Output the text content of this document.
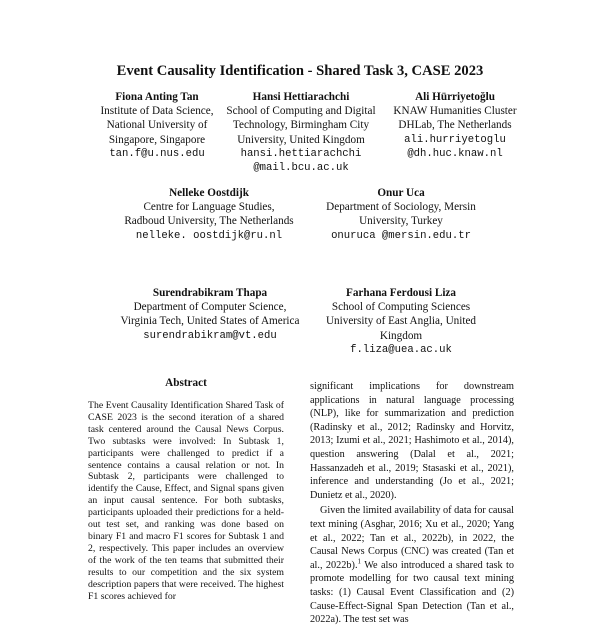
Event Causality Identification - Shared Task 3, CASE 2023
Fiona Anting Tan
Institute of Data Science, National University of Singapore, Singapore
tan.f@u.nus.edu
Hansi Hettiarachchi
School of Computing and Digital Technology, Birmingham City University, United Kingdom
hansi.hettiarachchi @mail.bcu.ac.uk
Ali Hürriyetoğlu
KNAW Humanities Cluster DHLab, The Netherlands
ali.hurriyetoglu @dh.huc.knaw.nl
Nelleke Oostdijk
Centre for Language Studies, Radboud University, The Netherlands
nelleke. oostdijk@ru.nl
Onur Uca
Department of Sociology, Mersin University, Turkey
onuruca @mersin.edu.tr
Surendrabikram Thapa
Department of Computer Science, Virginia Tech, United States of America
surendrabikram@vt.edu
Farhana Ferdousi Liza
School of Computing Sciences University of East Anglia, United Kingdom
f.liza@uea.ac.uk
Abstract

The Event Causality Identification Shared Task of CASE 2023 is the second iteration of a shared task centered around the Causal News Corpus. Two subtasks were involved: In Subtask 1, participants were challenged to predict if a sentence contains a causal relation or not. In Subtask 2, participants were challenged to identify the Cause, Effect, and Signal spans given an input causal sentence. For both subtasks, participants uploaded their predictions for a held-out test set, and ranking was done based on binary F1 and macro F1 scores for Subtask 1 and 2, respectively. This paper includes an overview of the work of the ten teams that submitted their results to our competition and the six system description papers that were received. The highest F1 scores achieved for

significant implications for downstream applications in natural language processing (NLP), like for summarization and prediction (Radinsky et al., 2012; Radinsky and Horvitz, 2013; Izumi et al., 2021; Hashimoto et al., 2014), question answering (Dalal et al., 2021; Hassanzadeh et al., 2019; Stasaski et al., 2021), inference and understanding (Jo et al., 2021; Dunietz et al., 2020).

Given the limited availability of data for causal text mining (Asghar, 2016; Xu et al., 2020; Yang et al., 2022; Tan et al., 2022b), in 2022, the Causal News Corpus (CNC) was created (Tan et al., 2022b).$^1$ We also introduced a shared task to promote modelling for two causal text mining tasks: (1) Causal Event Classification and (2) Cause-Effect-Signal Span Detection (Tan et al., 2022a). The test set was
